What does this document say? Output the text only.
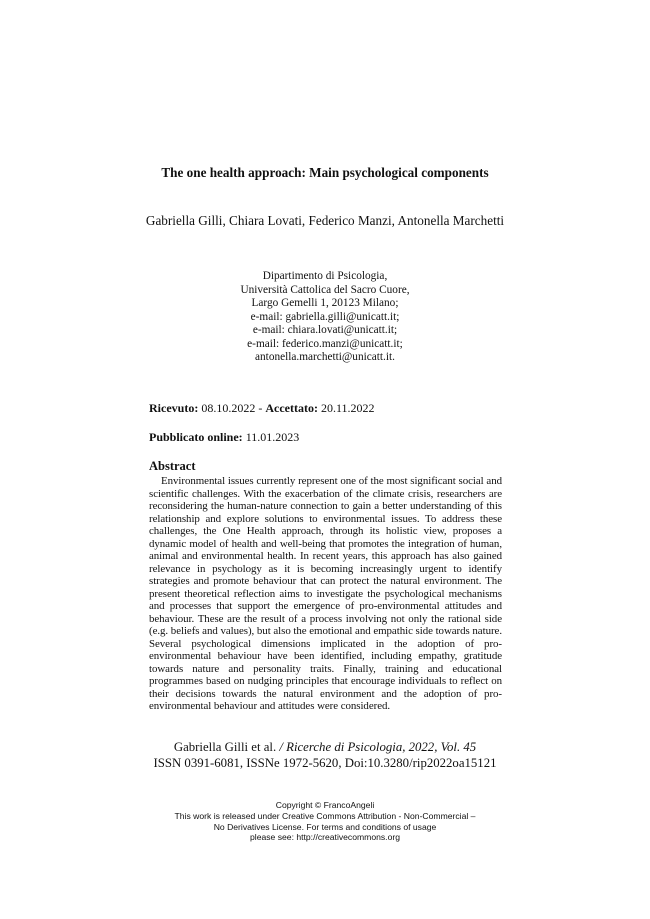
The one health approach: Main psychological components
Gabriella Gilli, Chiara Lovati, Federico Manzi, Antonella Marchetti
Dipartimento di Psicologia,
Università Cattolica del Sacro Cuore,
Largo Gemelli 1, 20123 Milano;
e-mail: gabriella.gilli@unicatt.it;
e-mail: chiara.lovati@unicatt.it;
e-mail: federico.manzi@unicatt.it;
antonella.marchetti@unicatt.it.
Ricevuto: 08.10.2022 - Accettato: 20.11.2022
Pubblicato online: 11.01.2023
Abstract
Environmental issues currently represent one of the most significant social and scientific challenges. With the exacerbation of the climate crisis, researchers are reconsidering the human-nature connection to gain a better understanding of this relationship and explore solutions to environmental issues. To address these challenges, the One Health approach, through its holistic view, proposes a dynamic model of health and well-being that promotes the integration of human, animal and environmental health. In recent years, this approach has also gained relevance in psychology as it is becoming increasingly urgent to identify strategies and promote behaviour that can protect the natural environment. The present theoretical reflection aims to investigate the psychological mechanisms and processes that support the emergence of pro-environmental attitudes and behaviour. These are the result of a process involving not only the rational side (e.g. beliefs and values), but also the emotional and empathic side towards nature. Several psychological dimensions implicated in the adoption of pro-environmental behaviour have been identified, including empathy, gratitude towards nature and personality traits. Finally, training and educational programmes based on nudging principles that encourage individuals to reflect on their decisions towards the natural environment and the adoption of pro-environmental behaviour and attitudes were considered.
Gabriella Gilli et al. / Ricerche di Psicologia, 2022, Vol. 45
ISSN 0391-6081, ISSNe 1972-5620, Doi:10.3280/rip2022oa15121
Copyright © FrancoAngeli
This work is released under Creative Commons Attribution - Non-Commercial –
No Derivatives License. For terms and conditions of usage
please see: http://creativecommons.org
